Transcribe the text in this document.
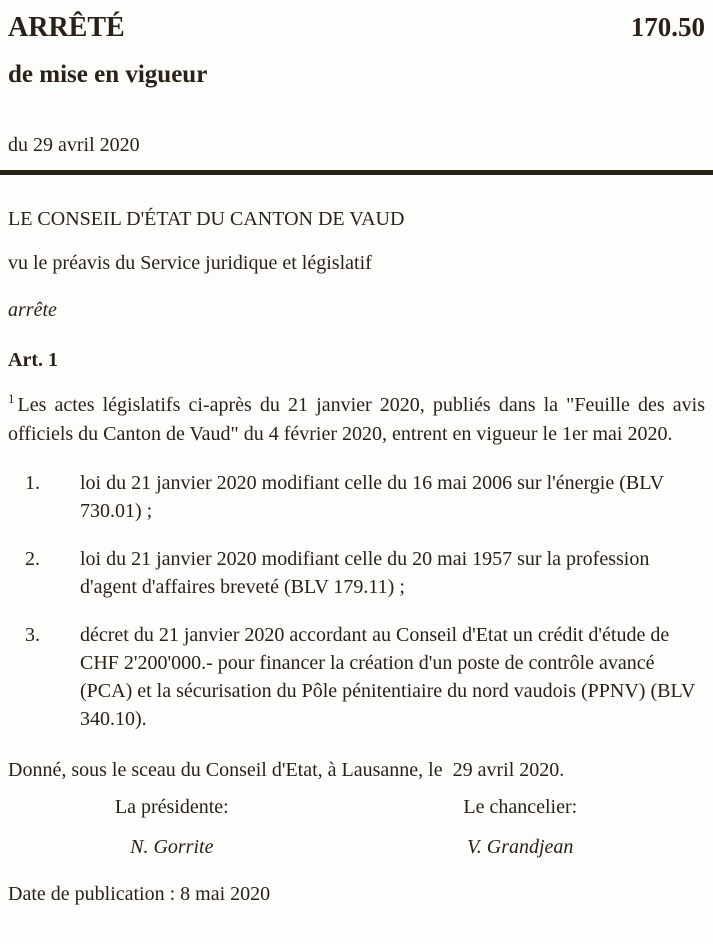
ARRÊTÉ	170.50
de mise en vigueur
du 29 avril 2020
LE CONSEIL D'ÉTAT DU CANTON DE VAUD
vu le préavis du Service juridique et législatif
arrête
Art. 1
$^1$ Les actes législatifs ci-après du 21 janvier 2020, publiés dans la "Feuille des avis officiels du Canton de Vaud" du 4 février 2020, entrent en vigueur le 1er mai 2020.
1.	loi du 21 janvier 2020 modifiant celle du 16 mai 2006 sur l'énergie (BLV 730.01) ;
2.	loi du 21 janvier 2020 modifiant celle du 20 mai 1957 sur la profession d'agent d'affaires breveté (BLV 179.11) ;
3.	décret du 21 janvier 2020 accordant au Conseil d'Etat un crédit d'étude de CHF 2'200'000.- pour financer la création d'un poste de contrôle avancé (PCA) et la sécurisation du Pôle pénitentiaire du nord vaudois (PPNV) (BLV 340.10).
Donné, sous le sceau du Conseil d'Etat, à Lausanne, le  29 avril 2020.
La présidente:	Le chancelier:
N. Gorrite	V. Grandjean
Date de publication : 8 mai 2020
